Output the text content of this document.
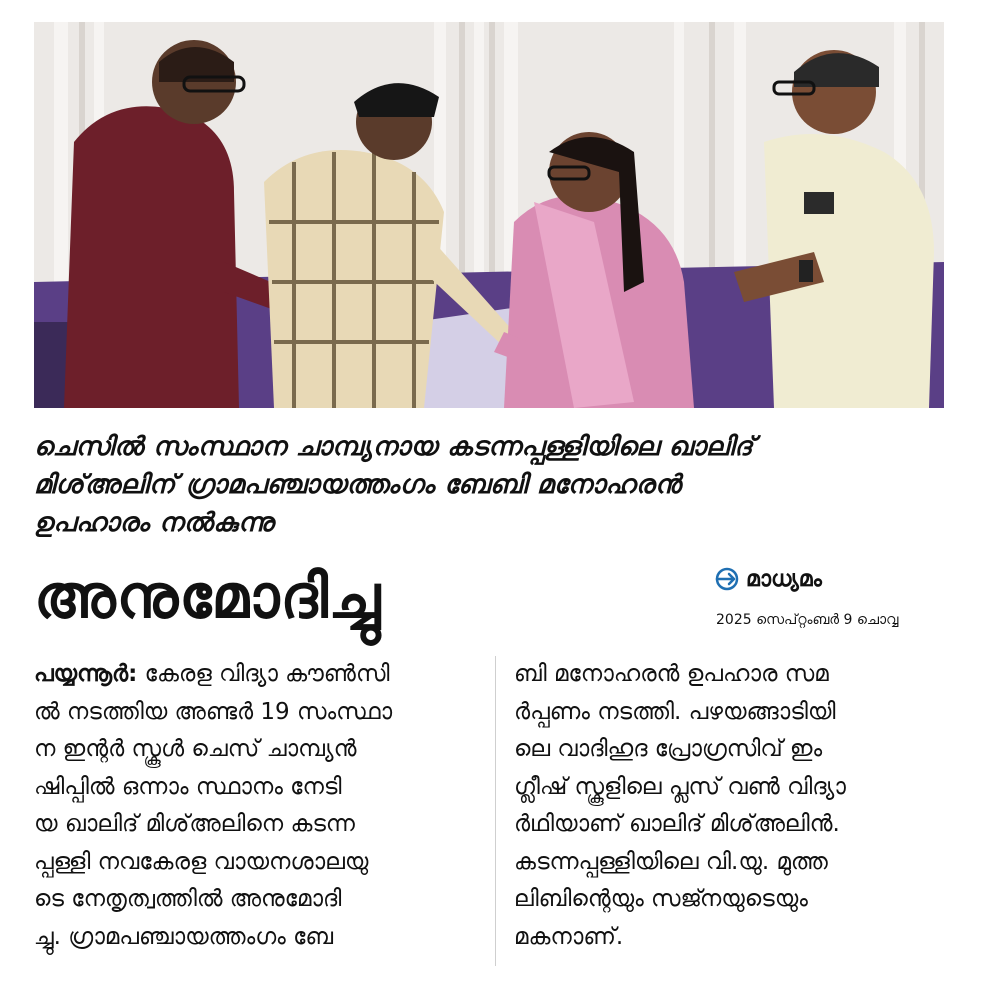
ചെസിൽ സംസ്ഥാന ചാമ്പ്യനായ കടന്നപ്പള്ളിയിലെ ഖാലിദ്
മിശ്അലിന് ഗ്രാമപഞ്ചായത്തംഗം ബേബി മനോഹരൻ
ഉപഹാരം നൽകുന്നു
അനുമോദിച്ചു	മാധ്യമം
2025 സെപ്റ്റംബർ 9 ചൊവ്വ
പയ്യന്നൂർ: കേരള വിദ്യാ കൗൺസി
ൽ നടത്തിയ അണ്ടർ 19 സംസ്ഥാ
ന ഇന്റർ സ്കൂൾ ചെസ് ചാമ്പ്യൻ
ഷിപ്പിൽ ഒന്നാം സ്ഥാനം നേടി
യ ഖാലിദ് മിശ്അലിനെ കടന്ന
പ്പള്ളി നവകേരള വായനശാലയു
ടെ നേതൃത്വത്തിൽ അനുമോദി
ച്ചു. ഗ്രാമപഞ്ചായത്തംഗം ബേ
ബി മനോഹരൻ ഉപഹാര സമ
ർപ്പണം നടത്തി. പഴയങ്ങാടിയി
ലെ വാദിഹുദ പ്രോഗ്രസിവ് ഇം
ഗ്ലീഷ് സ്കൂളിലെ പ്ലസ് വൺ വിദ്യാ
ർഥിയാണ് ഖാലിദ് മിശ്അലിൻ.
കടന്നപ്പള്ളിയിലെ വി.യു. മുത്ത
ലിബിന്റെയും സജ്നയുടെയും
മകനാണ്.
